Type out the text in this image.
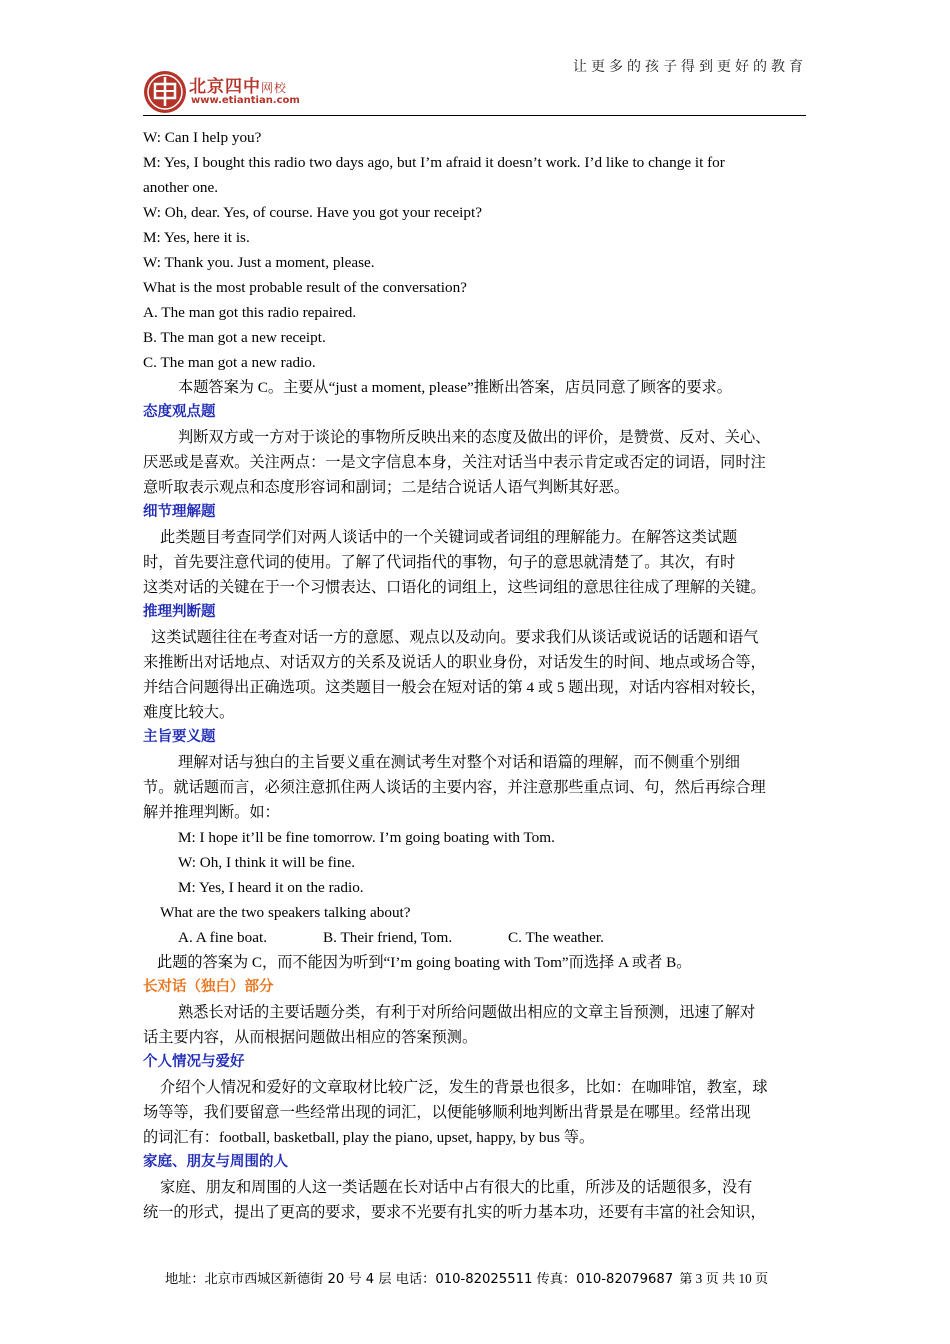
让更多的孩子得到更好的教育
北京四中网校
www.etiantian.com
W: Can I help you?
M: Yes, I bought this radio two days ago, but I’m afraid it doesn’t work. I’d like to change it for
another one.
W: Oh, dear. Yes, of course. Have you got your receipt?
M: Yes, here it is.
W: Thank you. Just a moment, please.
What is the most probable result of the conversation?
A. The man got this radio repaired.
B. The man got a new receipt.
C. The man got a new radio.
本题答案为 C。主要从“just a moment, please”推断出答案，店员同意了顾客的要求。
态度观点题
判断双方或一方对于谈论的事物所反映出来的态度及做出的评价，是赞赏、反对、关心、
厌恶或是喜欢。关注两点：一是文字信息本身，关注对话当中表示肯定或否定的词语，同时注
意听取表示观点和态度形容词和副词；二是结合说话人语气判断其好恶。
细节理解题
此类题目考查同学们对两人谈话中的一个关键词或者词组的理解能力。在解答这类试题
时，首先要注意代词的使用。了解了代词指代的事物，句子的意思就清楚了。其次，有时
这类对话的关键在于一个习惯表达、口语化的词组上，这些词组的意思往往成了理解的关键。
推理判断题
这类试题往往在考查对话一方的意愿、观点以及动向。要求我们从谈话或说话的话题和语气
来推断出对话地点、对话双方的关系及说话人的职业身份，对话发生的时间、地点或场合等，
并结合问题得出正确选项。这类题目一般会在短对话的第 4 或 5 题出现，对话内容相对较长，
难度比较大。
主旨要义题
理解对话与独白的主旨要义重在测试考生对整个对话和语篇的理解，而不侧重个别细
节。就话题而言，必须注意抓住两人谈话的主要内容，并注意那些重点词、句，然后再综合理
解并推理判断。如：
M: I hope it’ll be fine tomorrow. I’m going boating with Tom.
W: Oh, I think it will be fine.
M: Yes, I heard it on the radio.
What are the two speakers talking about?
A. A fine boat.	B. Their friend, Tom.	C. The weather.
此题的答案为 C，而不能因为听到“I’m going boating with Tom”而选择 A 或者 B。
长对话（独白）部分
熟悉长对话的主要话题分类，有利于对所给问题做出相应的文章主旨预测，迅速了解对
话主要内容，从而根据问题做出相应的答案预测。
个人情况与爱好
介绍个人情况和爱好的文章取材比较广泛，发生的背景也很多，比如：在咖啡馆，教室，球
场等等，我们要留意一些经常出现的词汇，以便能够顺利地判断出背景是在哪里。经常出现
的词汇有：football, basketball, play the piano, upset, happy, by bus 等。
家庭、朋友与周围的人
家庭、朋友和周围的人这一类话题在长对话中占有很大的比重，所涉及的话题很多，没有
统一的形式，提出了更高的要求，要求不光要有扎实的听力基本功，还要有丰富的社会知识，
地址：北京市西城区新德街 20 号 4 层 电话：010-82025511 传真：010-82079687 第 3 页 共 10 页
